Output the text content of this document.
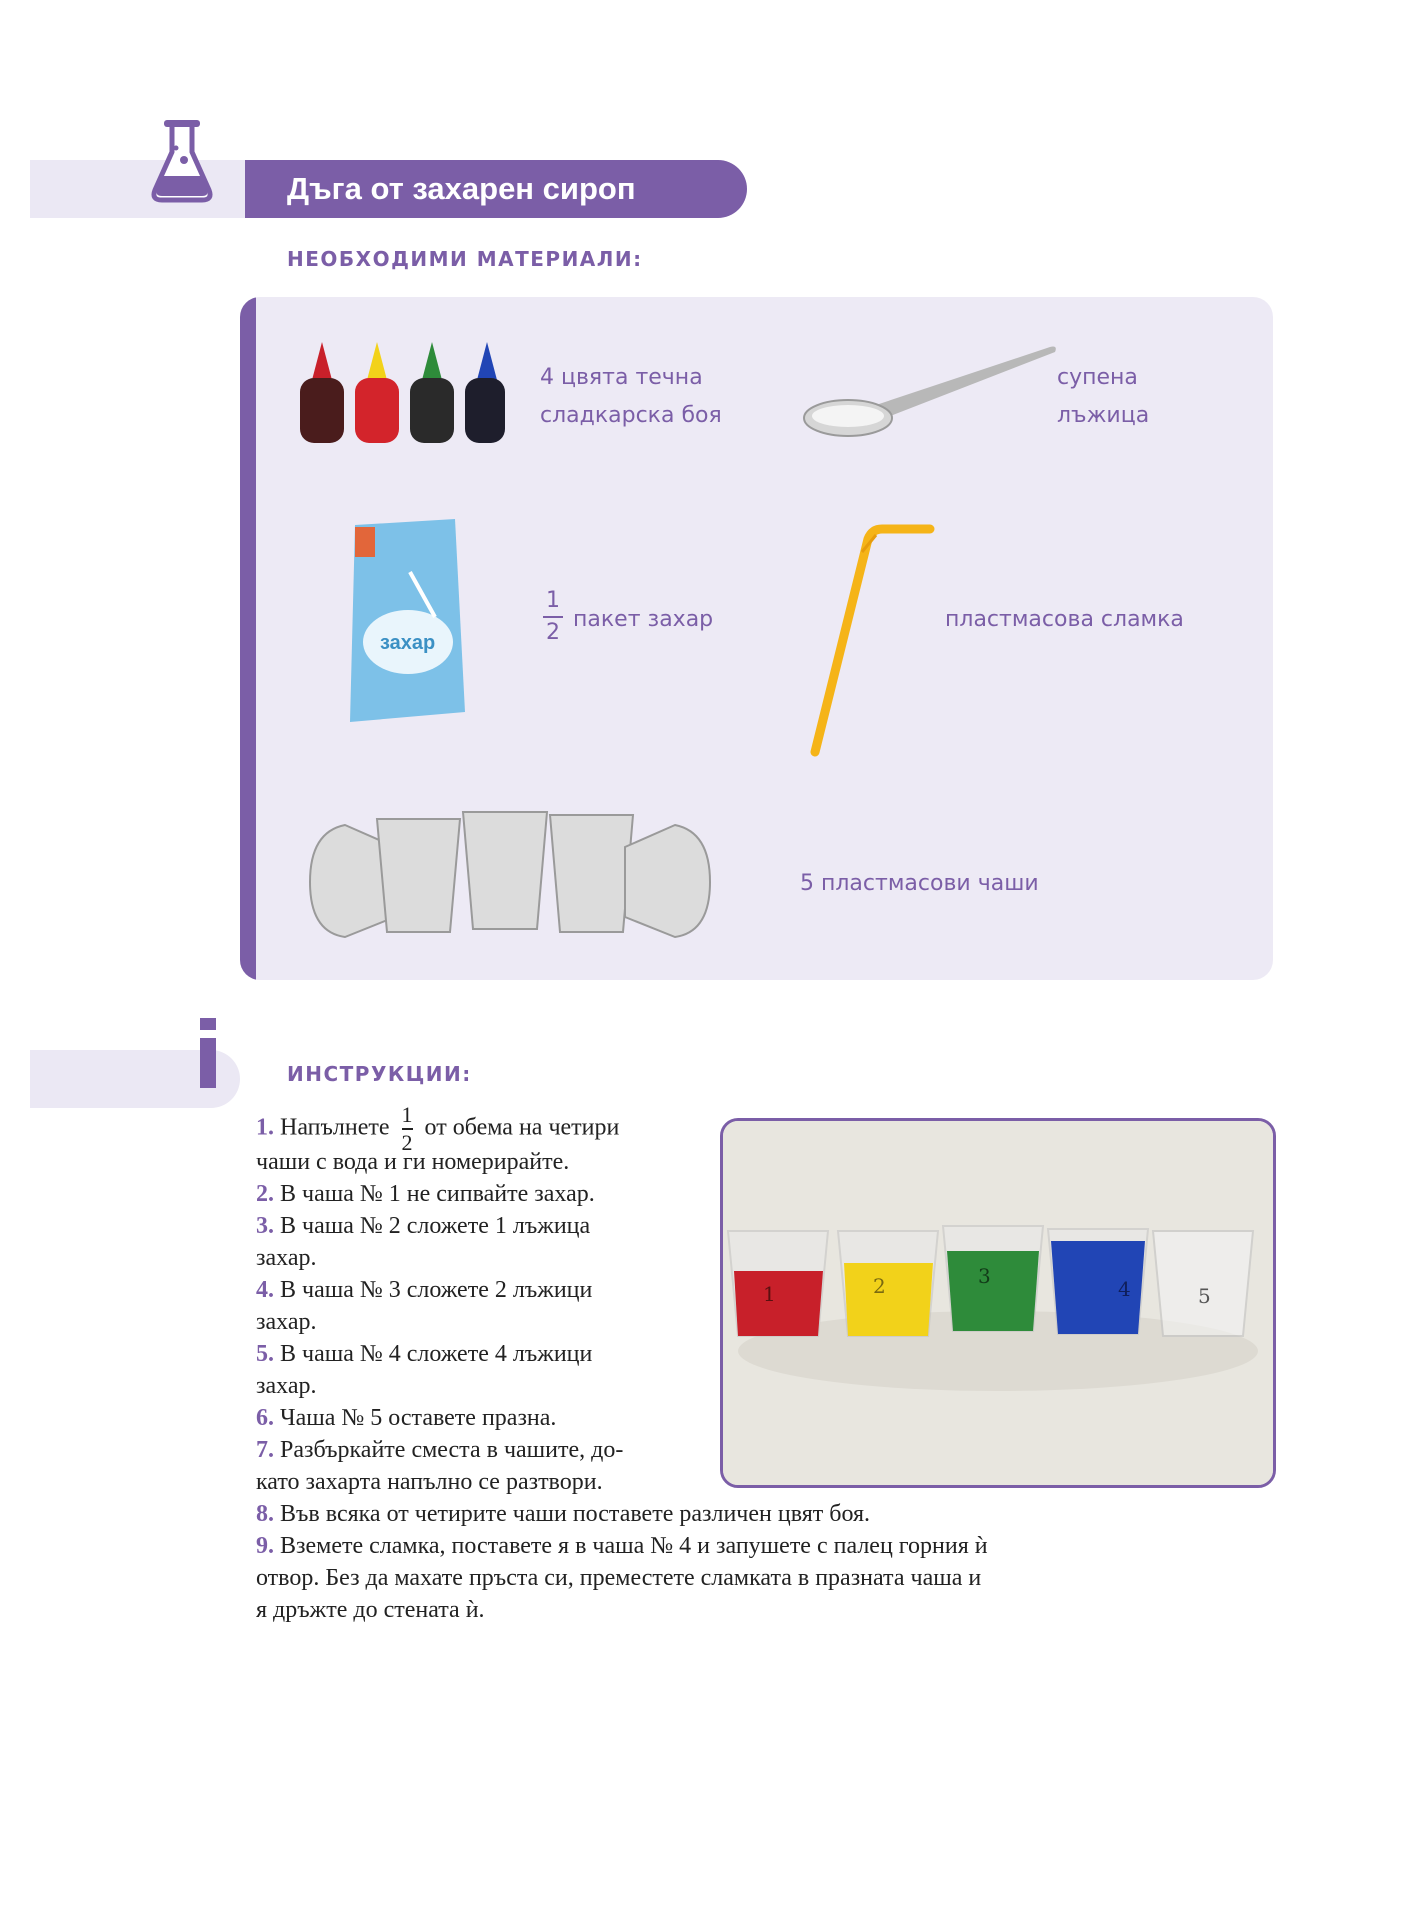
Дъга от захарен сироп
НЕОБХОДИМИ МАТЕРИАЛИ:
4 цвята течна
сладкарска боя
супена
лъжица
захар
1
2
пакет захар	пластмасова сламка
5 пластмасови чаши
ИНСТРУКЦИИ:
1. Напълнете $\frac{1}{2}$ от обема на четири
чаши с вода и ги номерирайте.
2. В чаша № 1 не сипвайте захар.
3. В чаша № 2 сложете 1 лъжица
захар.
4. В чаша № 3 сложете 2 лъжици
захар.
5. В чаша № 4 сложете 4 лъжици
захар.
6. Чаша № 5 оставете празна.
7. Разбъркайте сместа в чашите, до-
като захарта напълно се разтвори.
8. Във всяка от четирите чаши поставете различен цвят боя.
9. Вземете сламка, поставете я в чаша № 4 и запушете с палец горния ѝ
отвор. Без да махате пръста си, преместете сламката в празната чаша и
я дръжте до стената ѝ.
1	2	3
4	5
